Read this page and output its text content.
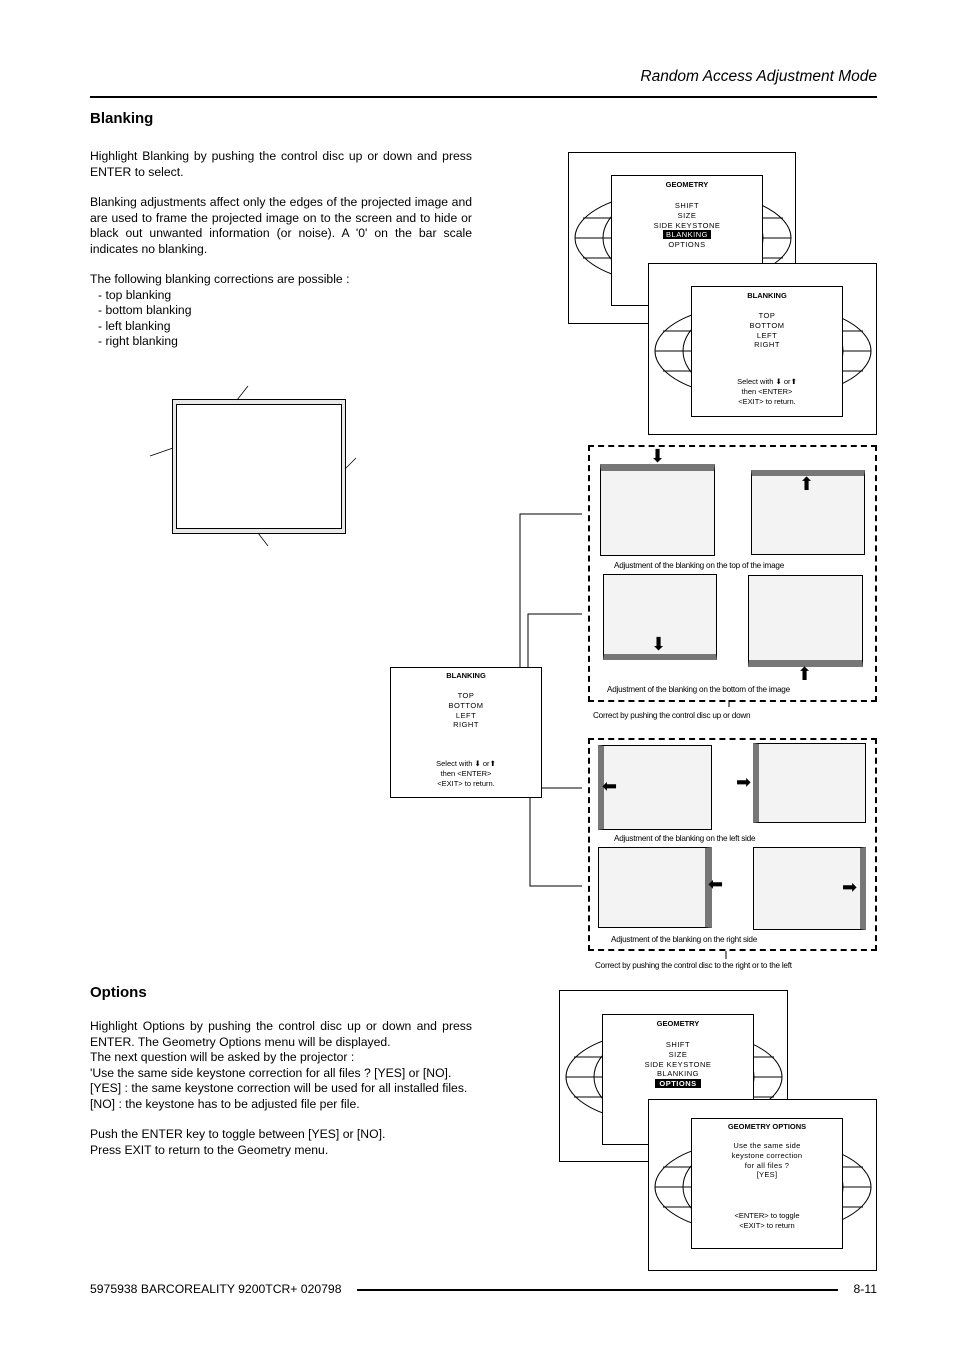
Random Access Adjustment Mode
Blanking

Highlight Blanking by pushing the control disc up or down and press ENTER to select.

Blanking adjustments affect only the edges of the projected image and are used to frame the projected image on to the screen and to hide or black out unwanted information (or noise). A '0' on the bar scale indicates no blanking.

The following blanking corrections are possible :

- top blanking

- bottom blanking

- left blanking

- right blanking

GEOMETRY
SHIFT
SIZE
SIDE KEYSTONE
BLANKING
OPTIONS
BLANKING
TOP
BOTTOM
LEFT
RIGHT
Select with ⬇ or⬆
then <ENTER>
<EXIT> to return.
BLANKING
TOP
BOTTOM
LEFT
RIGHT
Select with ⬇ or⬆
then <ENTER>
<EXIT> to return.
⬇
⬆
Adjustment of the blanking on the top of the image
⬇
⬆
Adjustment of the blanking on the bottom of the image
Correct by pushing the control disc up or down
⬅	➡
Adjustment of the blanking on the left side
⬅	➡
Adjustment of the blanking on the right side
Correct by pushing the control disc to the right or to the left
Options

Highlight Options by pushing the control disc up or down and press ENTER. The Geometry Options menu will be displayed.

The next question will be asked by the projector :

'Use the same side keystone correction for all files ? [YES] or [NO].

[YES] : the same keystone correction will be used for all installed files.

[NO] : the keystone has to be adjusted file per file.

Push the ENTER key to toggle between [YES] or [NO].

Press EXIT to return to the Geometry menu.

GEOMETRY
SHIFT
SIZE
SIDE KEYSTONE
BLANKING
OPTIONS
GEOMETRY OPTIONS
Use the same side
keystone correction
for all files ?
[YES]
<ENTER> to toggle
<EXIT> to return
5975938 BARCOREALITY 9200TCR+ 020798	8-11
